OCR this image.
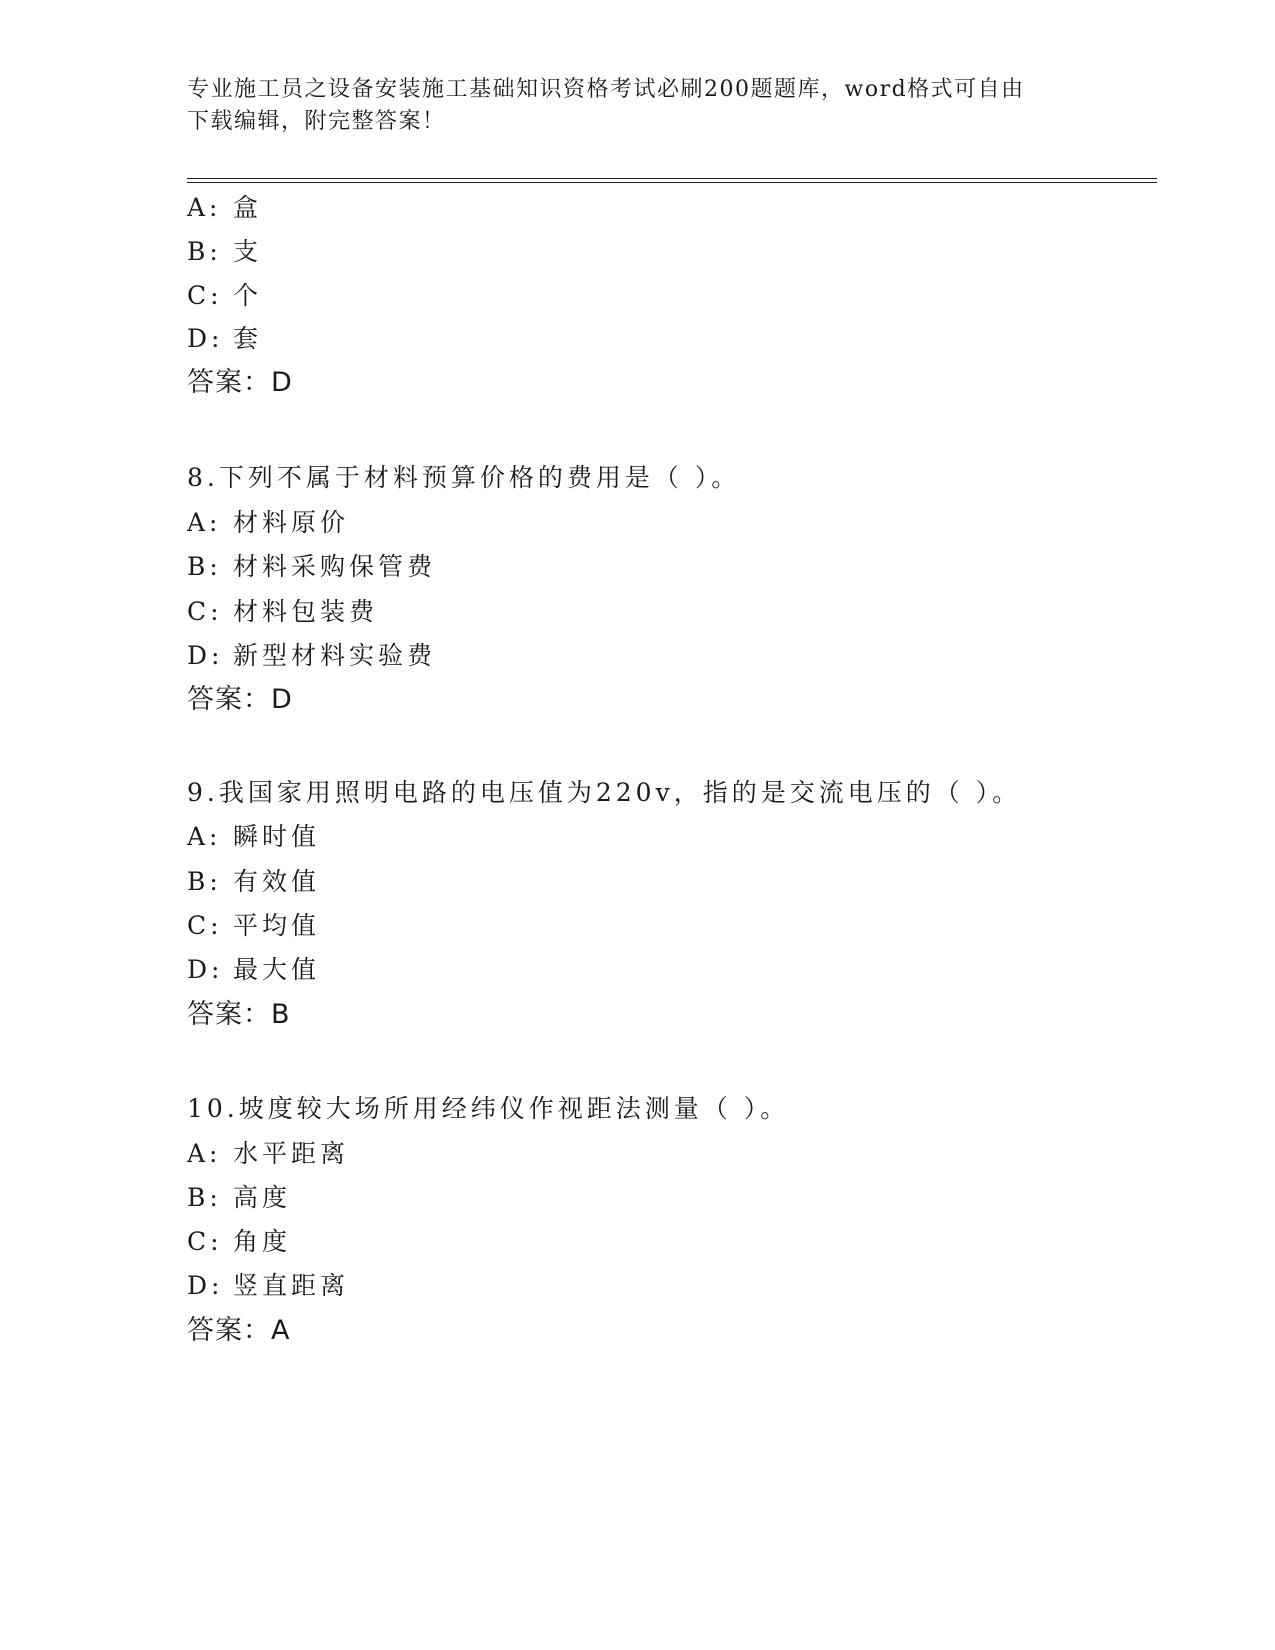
专业施工员之设备安装施工基础知识资格考试必刷200题题库，word格式可自由
下载编辑，附完整答案！
A: 盒
B: 支
C: 个
D: 套
答案：D
8.下列不属于材料预算价格的费用是（ ）。
A: 材料原价
B: 材料采购保管费
C: 材料包装费
D: 新型材料实验费
答案：D
9.我国家用照明电路的电压值为220v，指的是交流电压的（ ）。
A: 瞬时值
B: 有效值
C: 平均值
D: 最大值
答案：B
10.坡度较大场所用经纬仪作视距法测量（ ）。
A: 水平距离
B: 高度
C: 角度
D: 竖直距离
答案：A
